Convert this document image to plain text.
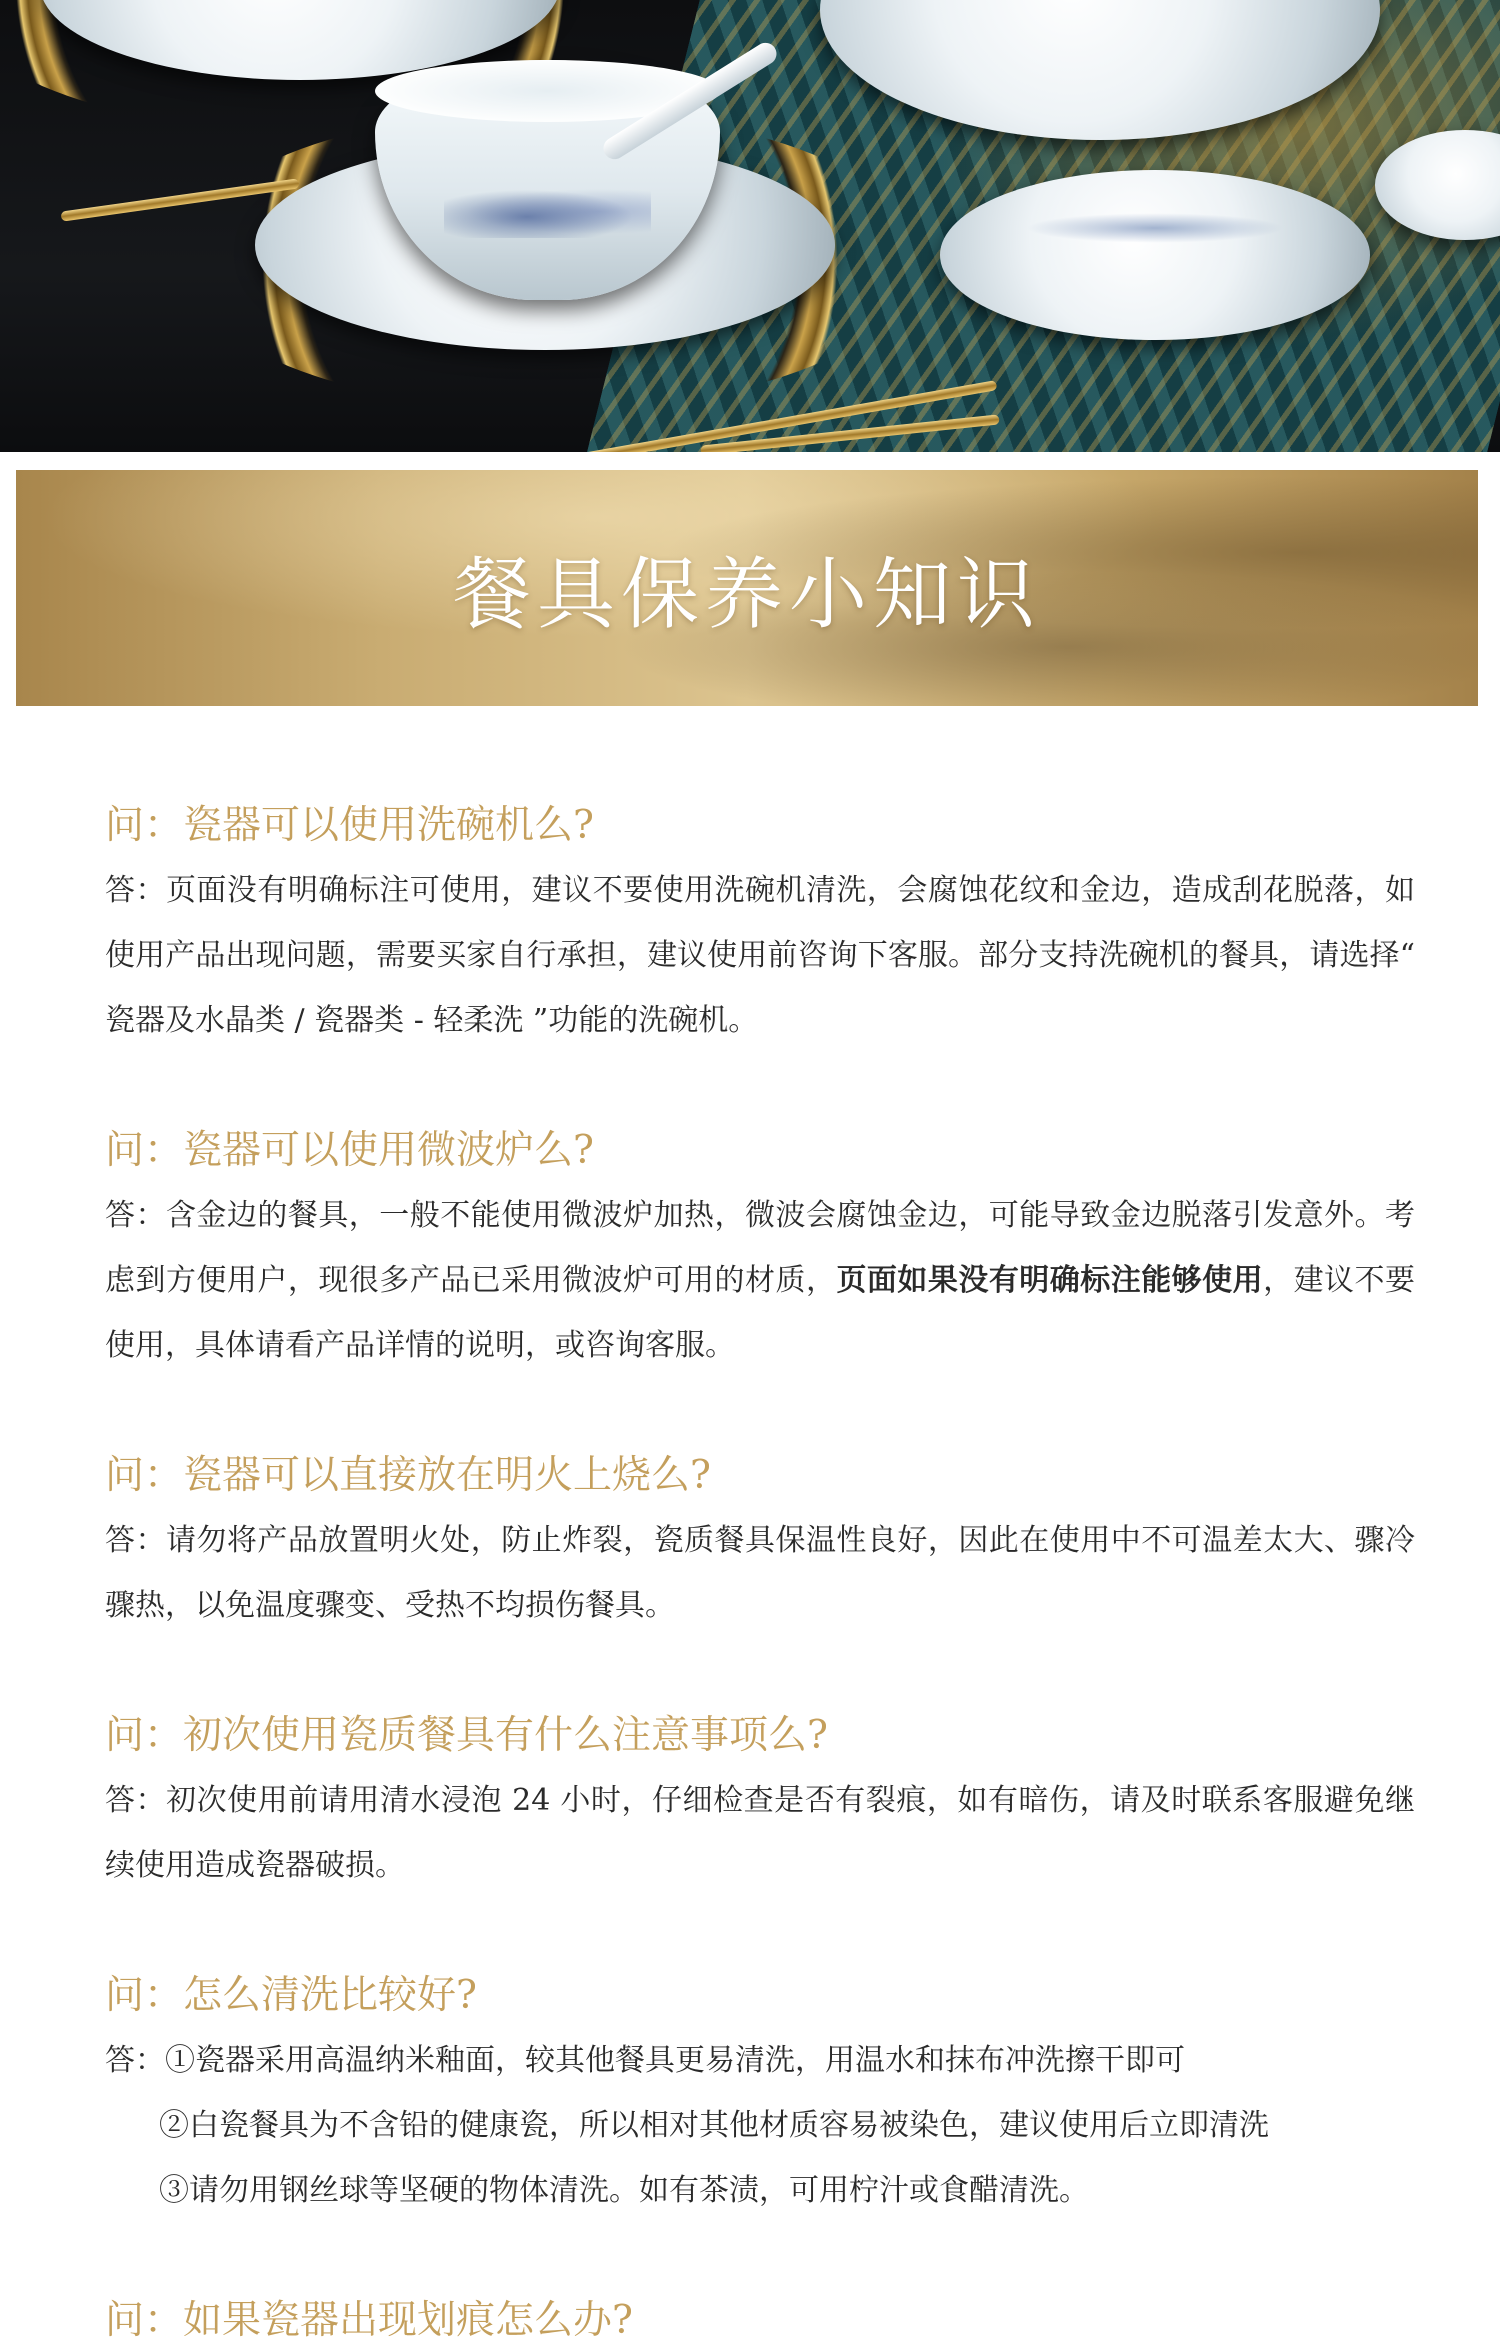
餐具保养小知识

问：瓷器可以使用洗碗机么?

答：页面没有明确标注可使用，建议不要使用洗碗机清洗，会腐蚀花纹和金边，造成刮花脱落，如使用产品出现问题，需要买家自行承担，建议使用前咨询下客服。部分支持洗碗机的餐具，请选择“ 瓷器及水晶类 / 瓷器类 - 轻柔洗 ”功能的洗碗机。

问：瓷器可以使用微波炉么?

答：含金边的餐具，一般不能使用微波炉加热，微波会腐蚀金边，可能导致金边脱落引发意外。考虑到方便用户，现很多产品已采用微波炉可用的材质，页面如果没有明确标注能够使用，建议不要使用，具体请看产品详情的说明，或咨询客服。

问：瓷器可以直接放在明火上烧么?

答：请勿将产品放置明火处，防止炸裂，瓷质餐具保温性良好，因此在使用中不可温差太大、骤冷骤热，以免温度骤变、受热不均损伤餐具。

问：初次使用瓷质餐具有什么注意事项么?

答：初次使用前请用清水浸泡 24 小时，仔细检查是否有裂痕，如有暗伤，请及时联系客服避免继续使用造成瓷器破损。

问：怎么清洗比较好?

答：①瓷器采用高温纳米釉面，较其他餐具更易清洗，用温水和抹布冲洗擦干即可
②白瓷餐具为不含铅的健康瓷，所以相对其他材质容易被染色，建议使用后立即清洗
③请勿用钢丝球等坚硬的物体清洗。如有茶渍，可用柠汁或食醋清洗。

问：如果瓷器出现划痕怎么办?
